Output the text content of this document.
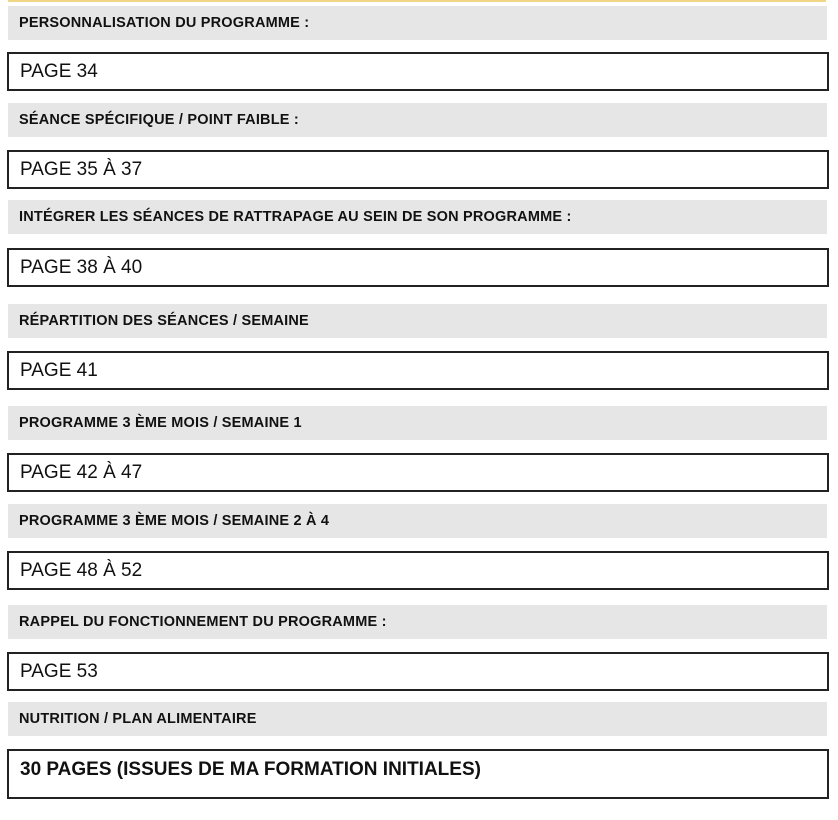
PERSONNALISATION DU PROGRAMME :
PAGE 34
SÉANCE SPÉCIFIQUE / POINT FAIBLE :
PAGE 35 À 37
INTÉGRER LES SÉANCES DE RATTRAPAGE AU SEIN DE SON PROGRAMME :
PAGE 38 À 40
RÉPARTITION DES SÉANCES / SEMAINE
PAGE 41
PROGRAMME 3 ÈME MOIS / SEMAINE 1
PAGE 42 À 47
PROGRAMME 3 ÈME MOIS / SEMAINE 2 À 4
PAGE 48 À 52
RAPPEL DU FONCTIONNEMENT DU PROGRAMME :
PAGE 53
NUTRITION / PLAN ALIMENTAIRE
30 PAGES (ISSUES DE MA FORMATION INITIALES)
